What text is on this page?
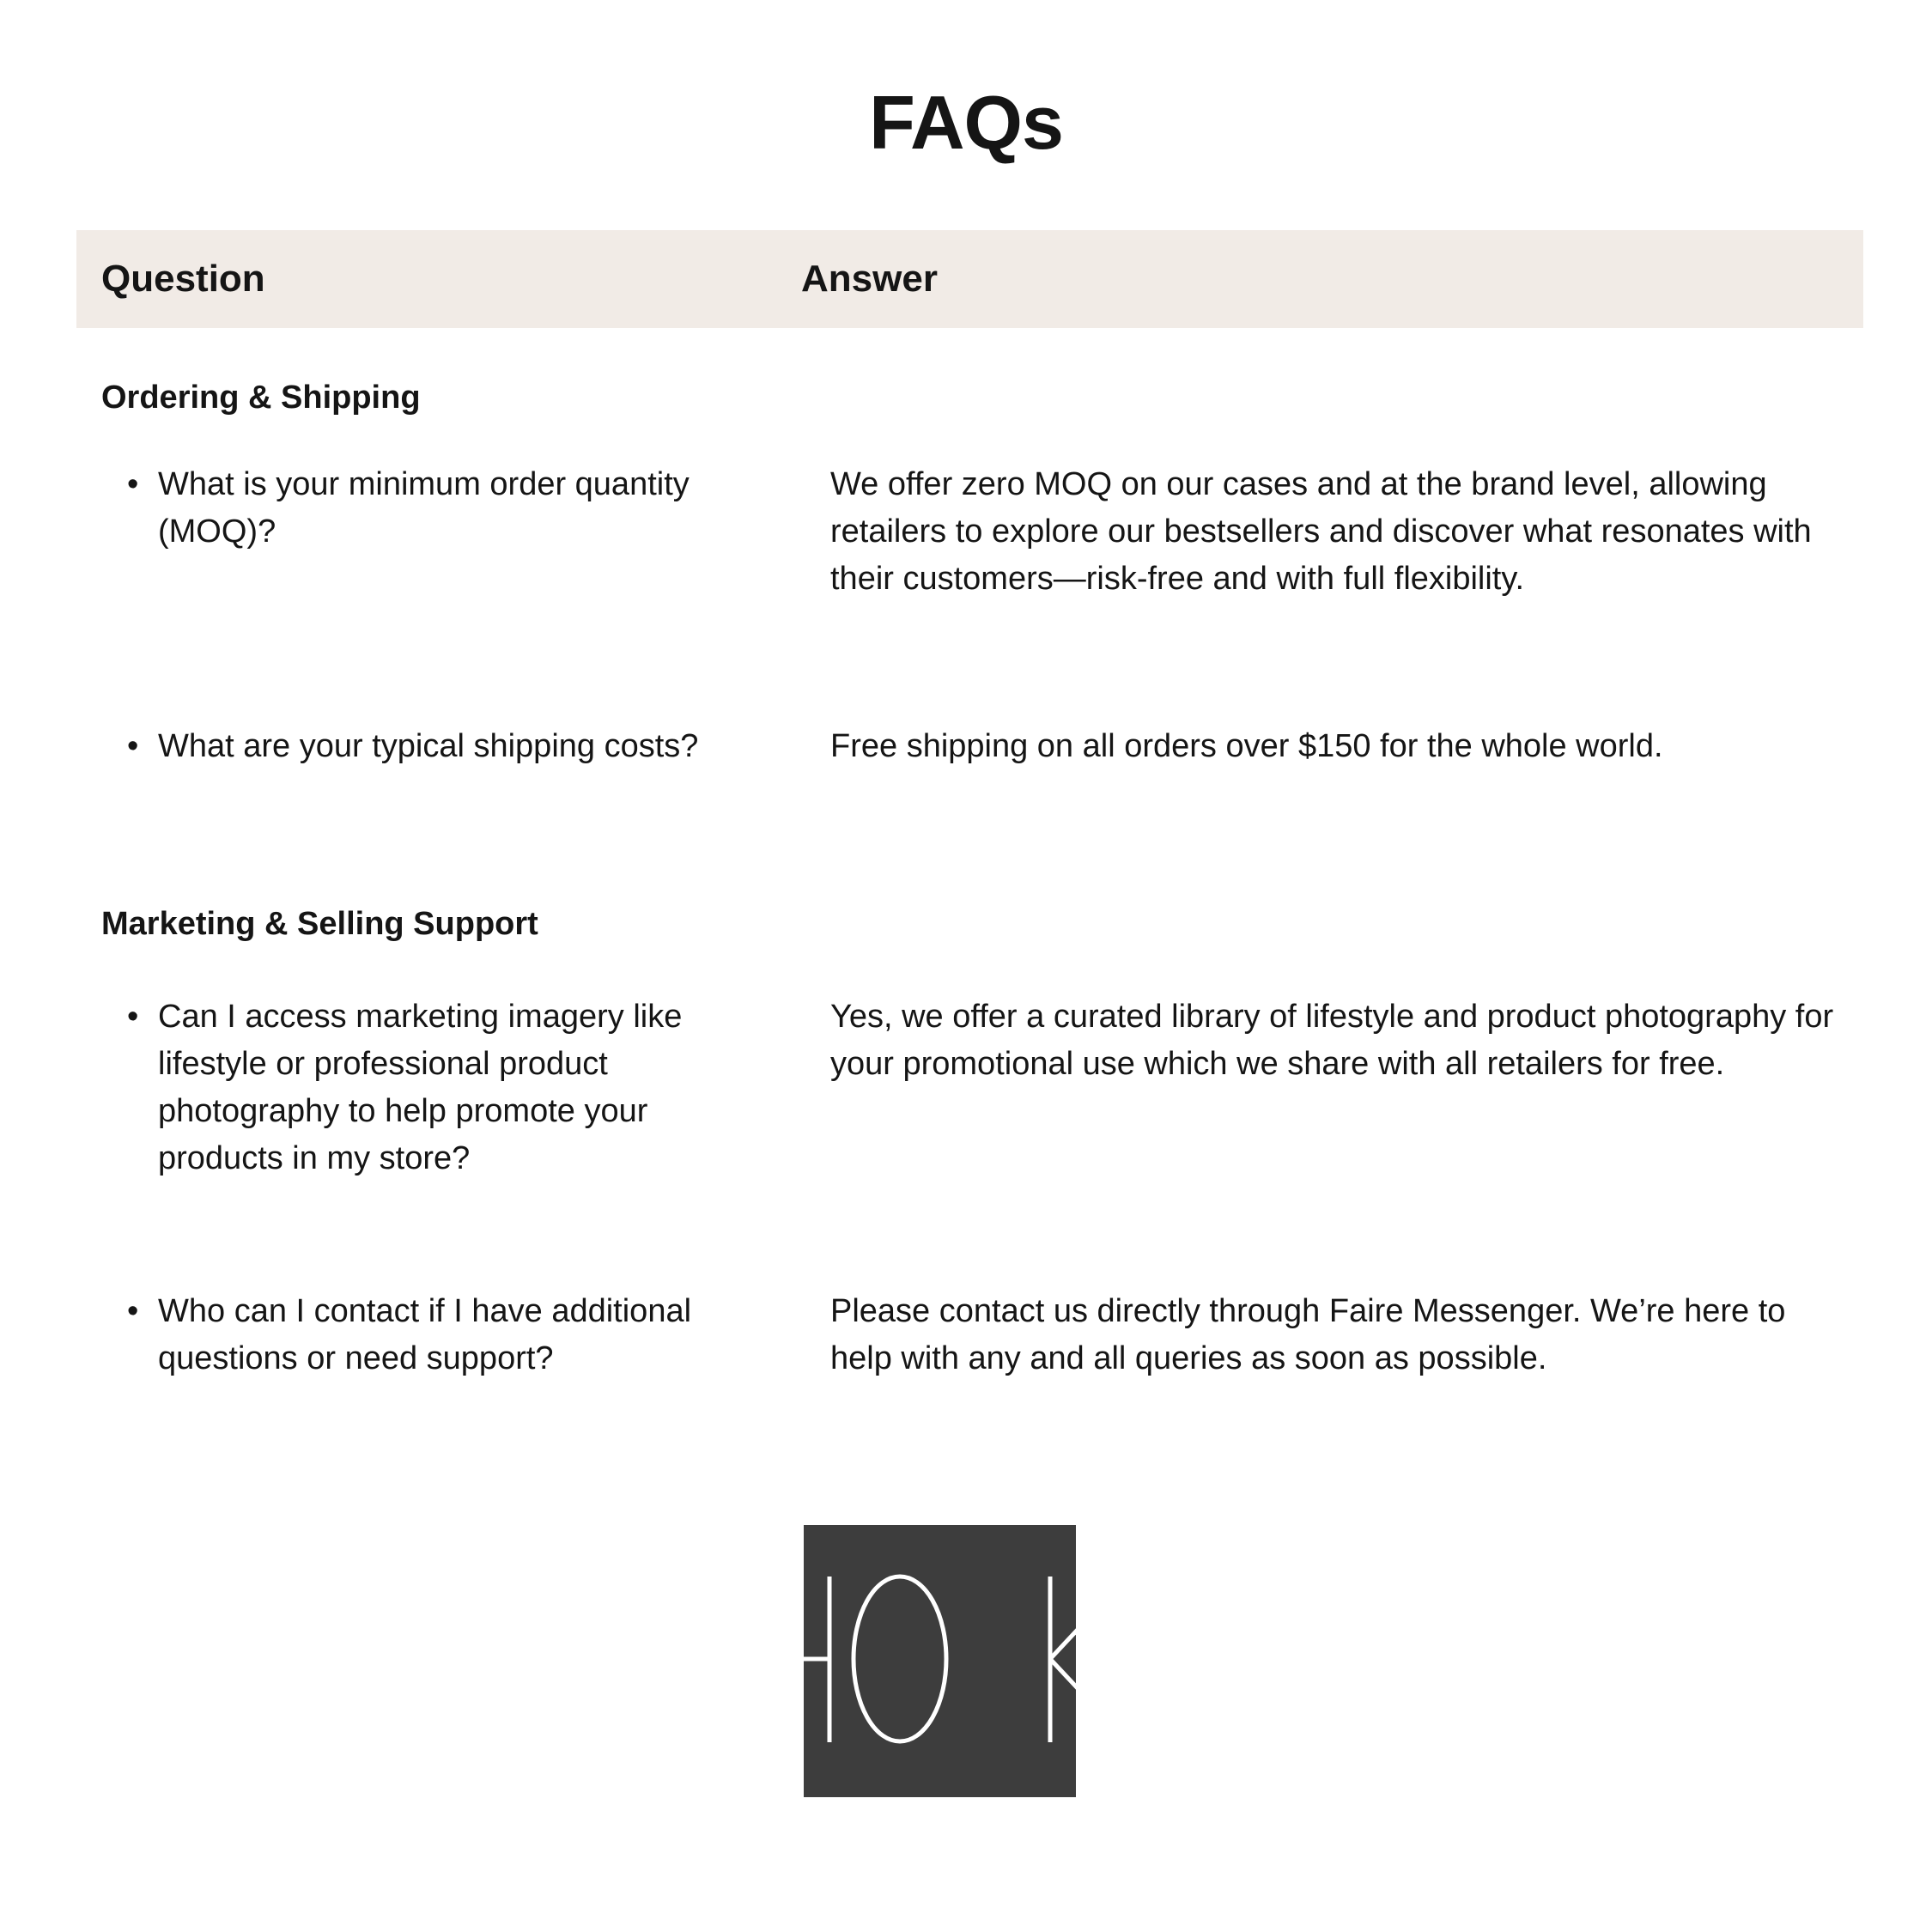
FAQs
Question	Answer
Ordering & Shipping
• What is your minimum order quantity (MOQ)?
We offer zero MOQ on our cases and at the brand level, allowing retailers to explore our bestsellers and discover what resonates with their customers—risk-free and with full flexibility.
• What are your typical shipping costs?	Free shipping on all orders over $150 for the whole world.
Marketing & Selling Support
• Can I access marketing imagery like lifestyle or professional product photography to help promote your products in my store?
Yes, we offer a curated library of lifestyle and product photography for your promotional use which we share with all retailers for free.
• Who can I contact if I have additional questions or need support?
Please contact us directly through Faire Messenger. We’re here to help with any and all queries as soon as possible.
